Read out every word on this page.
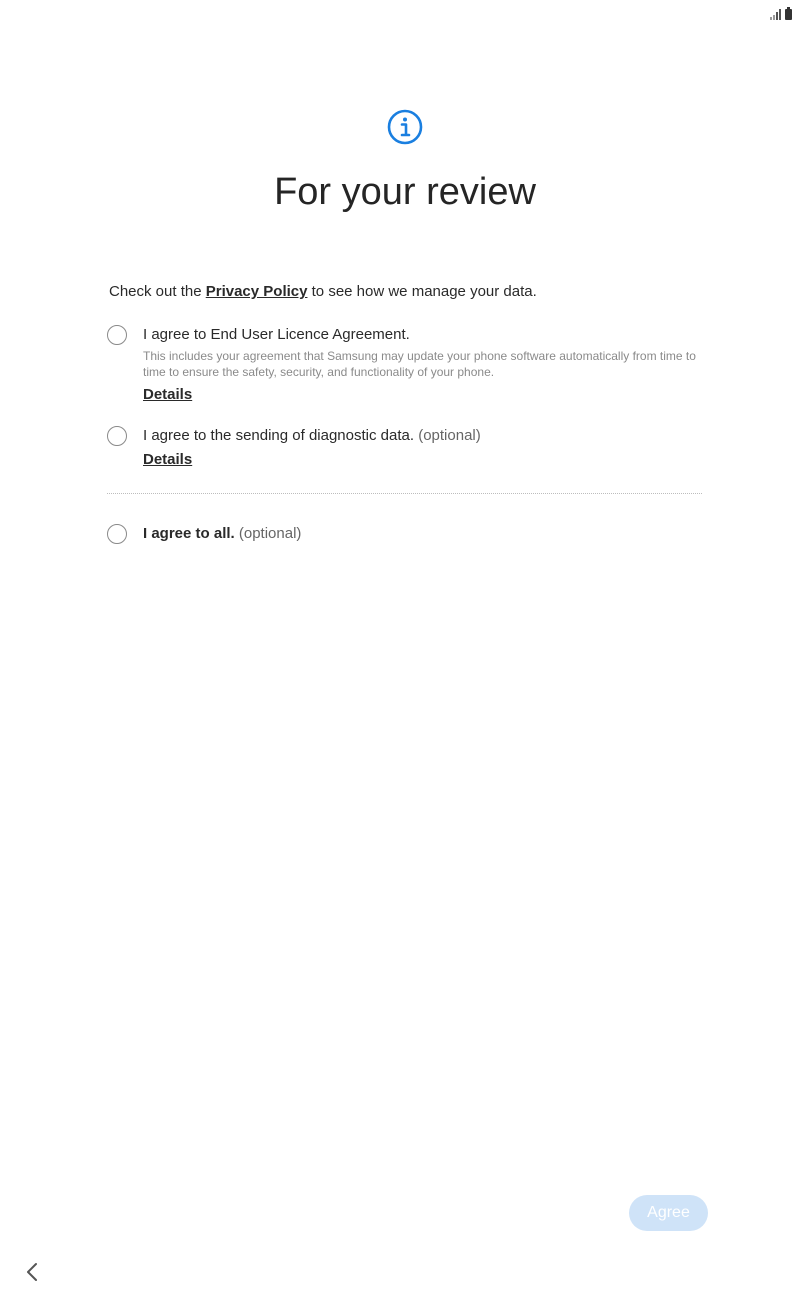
For your review
Check out the Privacy Policy to see how we manage your data.
I agree to End User Licence Agreement.
This includes your agreement that Samsung may update your phone software automatically from time to time to ensure the safety, security, and functionality of your phone.
Details
I agree to the sending of diagnostic data. (optional)
Details
I agree to all. (optional)
Agree
